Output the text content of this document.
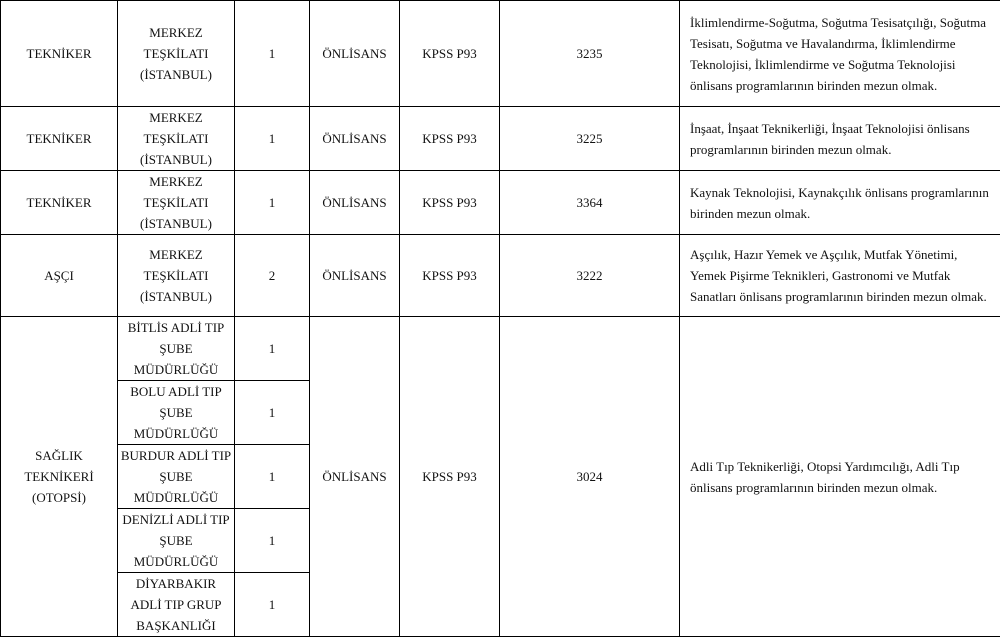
TEKNİKER	MERKEZ TEŞKİLATI (İSTANBUL)	1	ÖNLİSANS	KPSS P93	3235	İklimlendirme-Soğutma, Soğutma Tesisatçılığı, Soğutma Tesisatı, Soğutma ve Havalandırma, İklimlendirme Teknolojisi, İklimlendirme ve Soğutma Teknolojisi önlisans programlarının birinden mezun olmak.
TEKNİKER	MERKEZ TEŞKİLATI (İSTANBUL)	1	ÖNLİSANS	KPSS P93	3225	İnşaat, İnşaat Teknikerliği, İnşaat Teknolojisi önlisans programlarının birinden mezun olmak.
TEKNİKER	MERKEZ TEŞKİLATI (İSTANBUL)	1	ÖNLİSANS	KPSS P93	3364	Kaynak Teknolojisi, Kaynakçılık önlisans programlarının birinden mezun olmak.
AŞÇI	MERKEZ TEŞKİLATI (İSTANBUL)	2	ÖNLİSANS	KPSS P93	3222	Aşçılık, Hazır Yemek ve Aşçılık, Mutfak Yönetimi, Yemek Pişirme Teknikleri, Gastronomi ve Mutfak Sanatları önlisans programlarının birinden mezun olmak.
SAĞLIK TEKNİKERİ (OTOPSİ)	BİTLİS ADLİ TIP ŞUBE MÜDÜRLÜĞÜ	1	ÖNLİSANS	KPSS P93	3024	Adli Tıp Teknikerliği, Otopsi Yardımcılığı, Adli Tıp önlisans programlarının birinden mezun olmak.
	BOLU ADLİ TIP ŞUBE MÜDÜRLÜĞÜ	1				
	BURDUR ADLİ TIP ŞUBE MÜDÜRLÜĞÜ	1				
	DENİZLİ ADLİ TIP ŞUBE MÜDÜRLÜĞÜ	1				
	DİYARBAKIR ADLİ TIP GRUP BAŞKANLIĞI	1				
